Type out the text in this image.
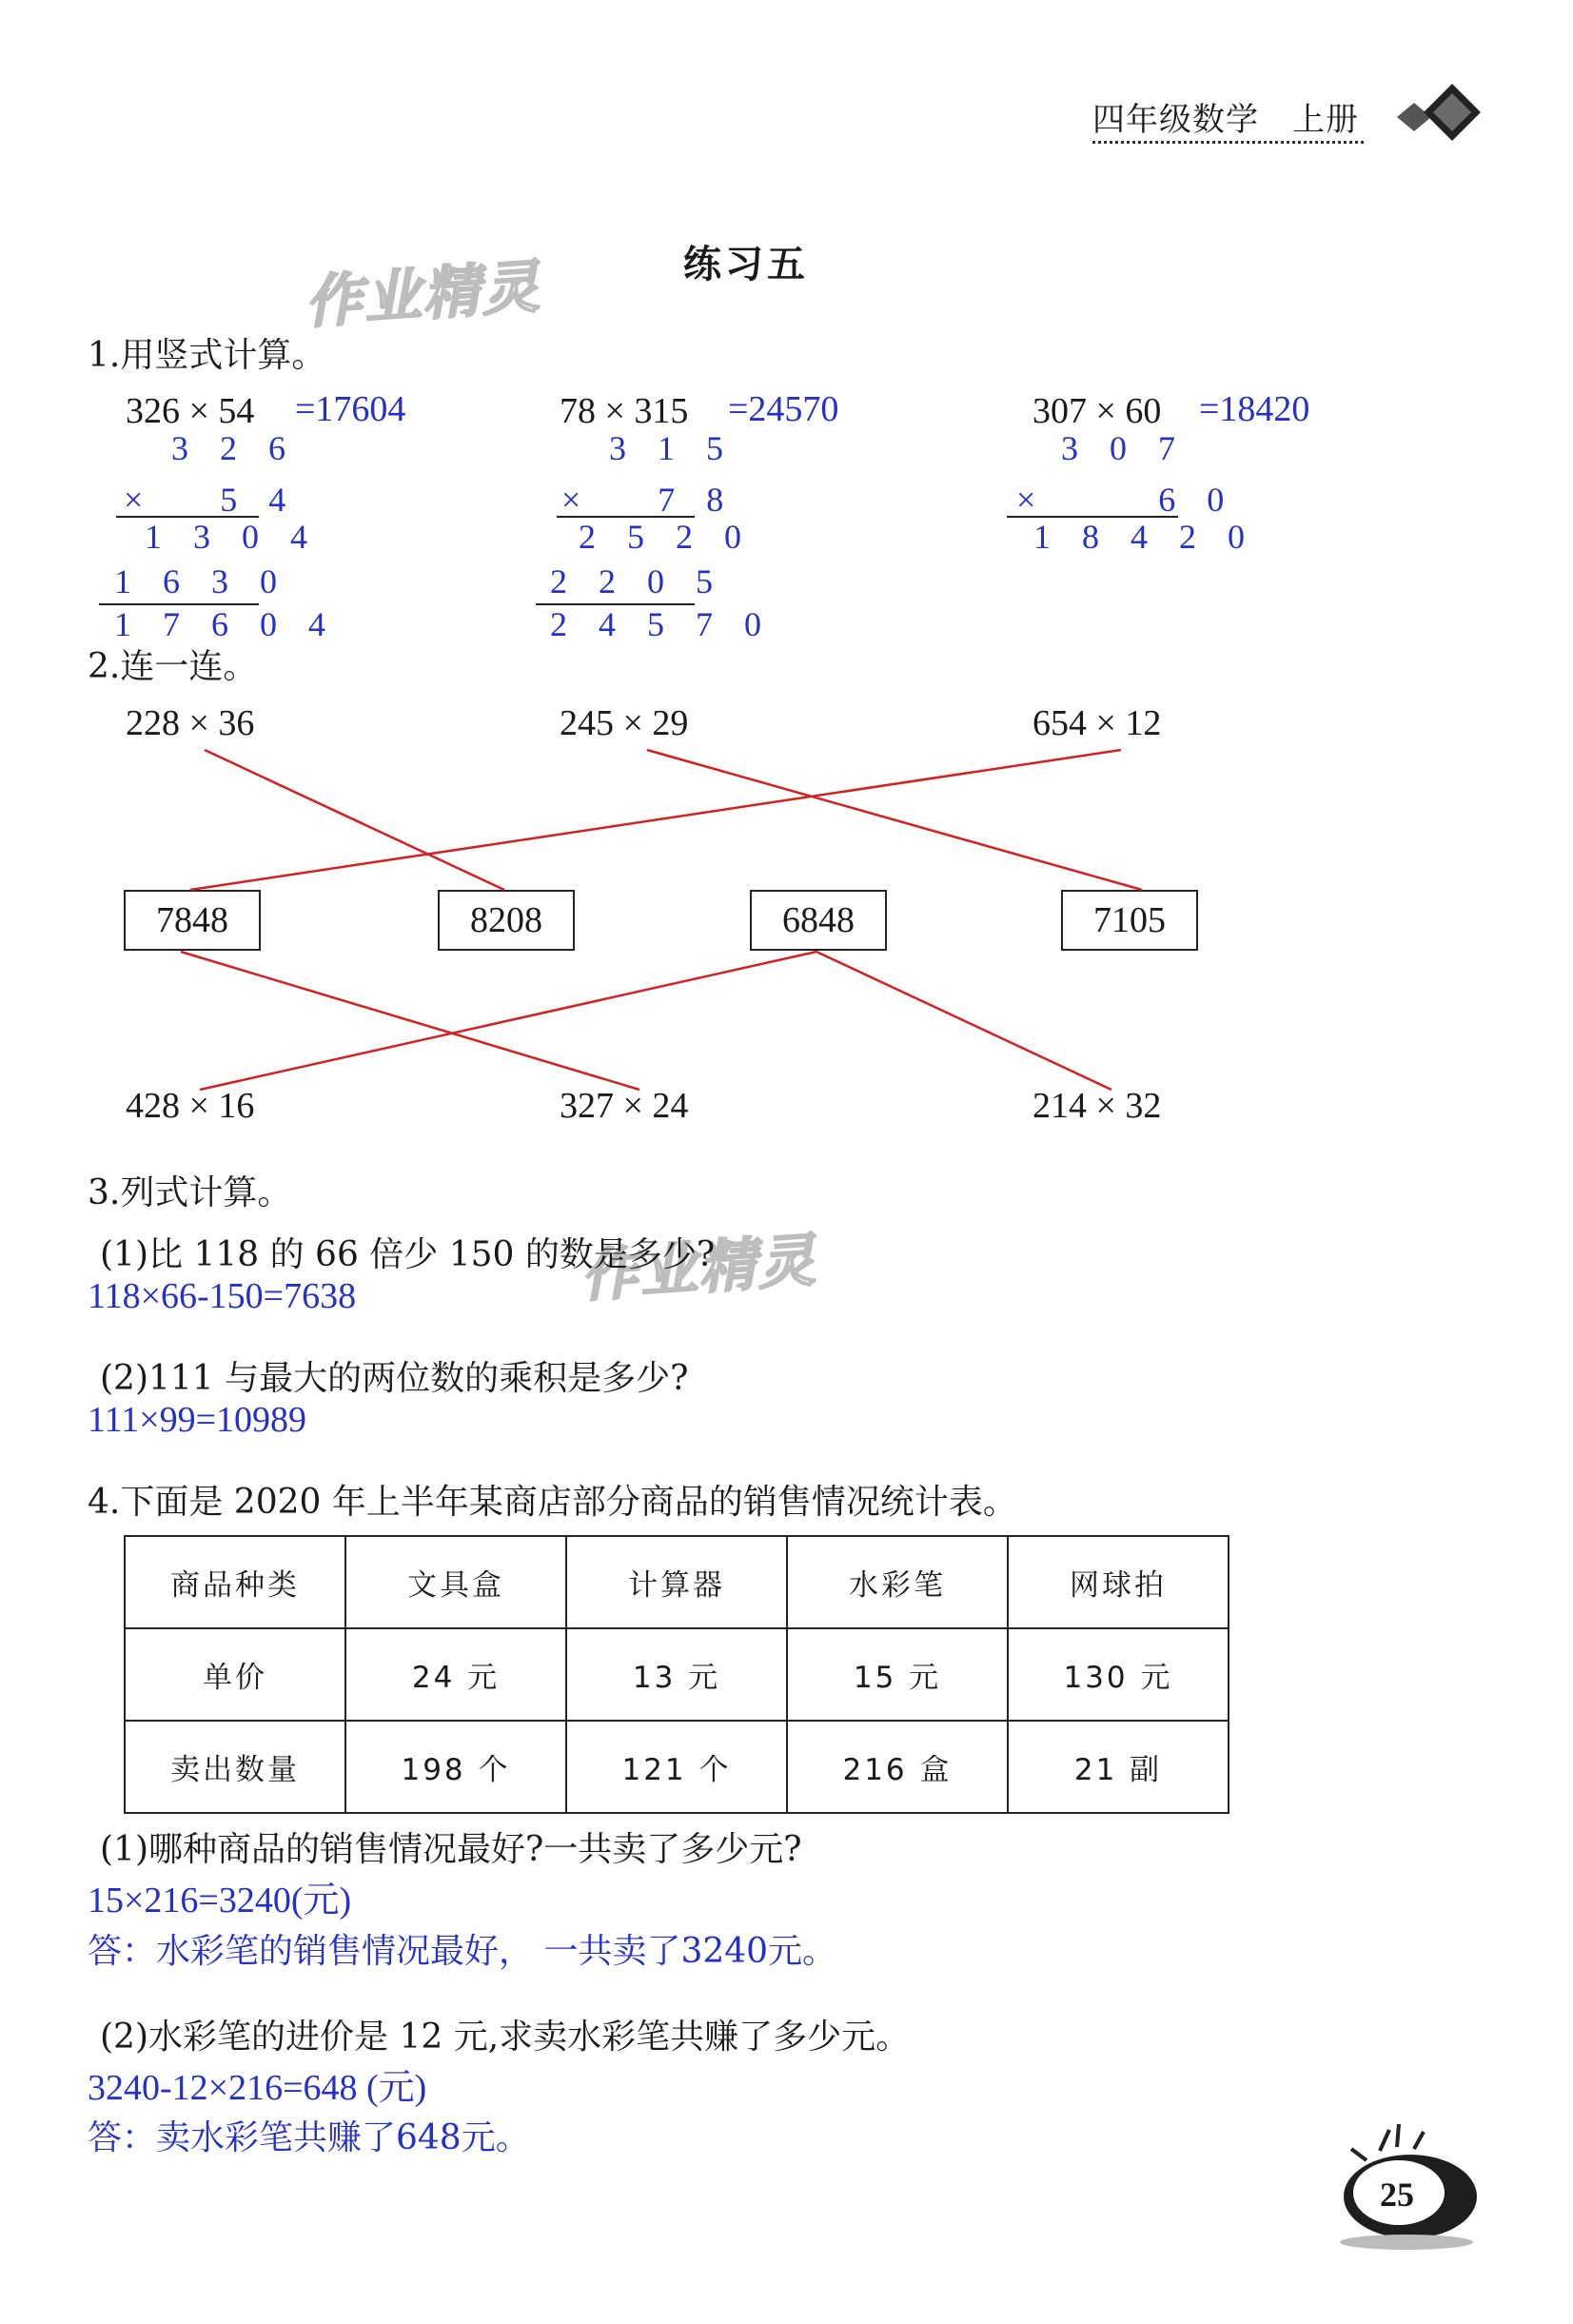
四年级数学　上册
作业精灵
作业精灵
练习五
1.用竖式计算。
326 × 54 =17604
3 2 6
× 　5 4
1 3 0 4
1 6 3 0
1 7 6 0 4
78 × 315 =24570
3 1 5
× 　7 8
2 5 2 0
2 2 0 5
2 4 5 7 0
307 × 60 =18420
3 0 7
× 　　6 0
1 8 4 2 0
2.连一连。
228 × 36	245 × 29	654 × 12
7848	8208	6848	7105
428 × 16	327 × 24	214 × 32
3.列式计算。
(1)比 118 的 66 倍少 150 的数是多少?
118×66-150=7638
(2)111 与最大的两位数的乘积是多少?
111×99=10989
4.下面是 2020 年上半年某商店部分商品的销售情况统计表。
商品种类	文具盒	计算器	水彩笔	网球拍
单价	24 元	13 元	15 元	130 元
卖出数量	198 个	121 个	216 盒	21 副
(1)哪种商品的销售情况最好?一共卖了多少元?
15×216=3240(元)
答：水彩笔的销售情况最好， 一共卖了3240元。
(2)水彩笔的进价是 12 元,求卖水彩笔共赚了多少元。
3240-12×216=648 (元)
答：卖水彩笔共赚了648元。
25
